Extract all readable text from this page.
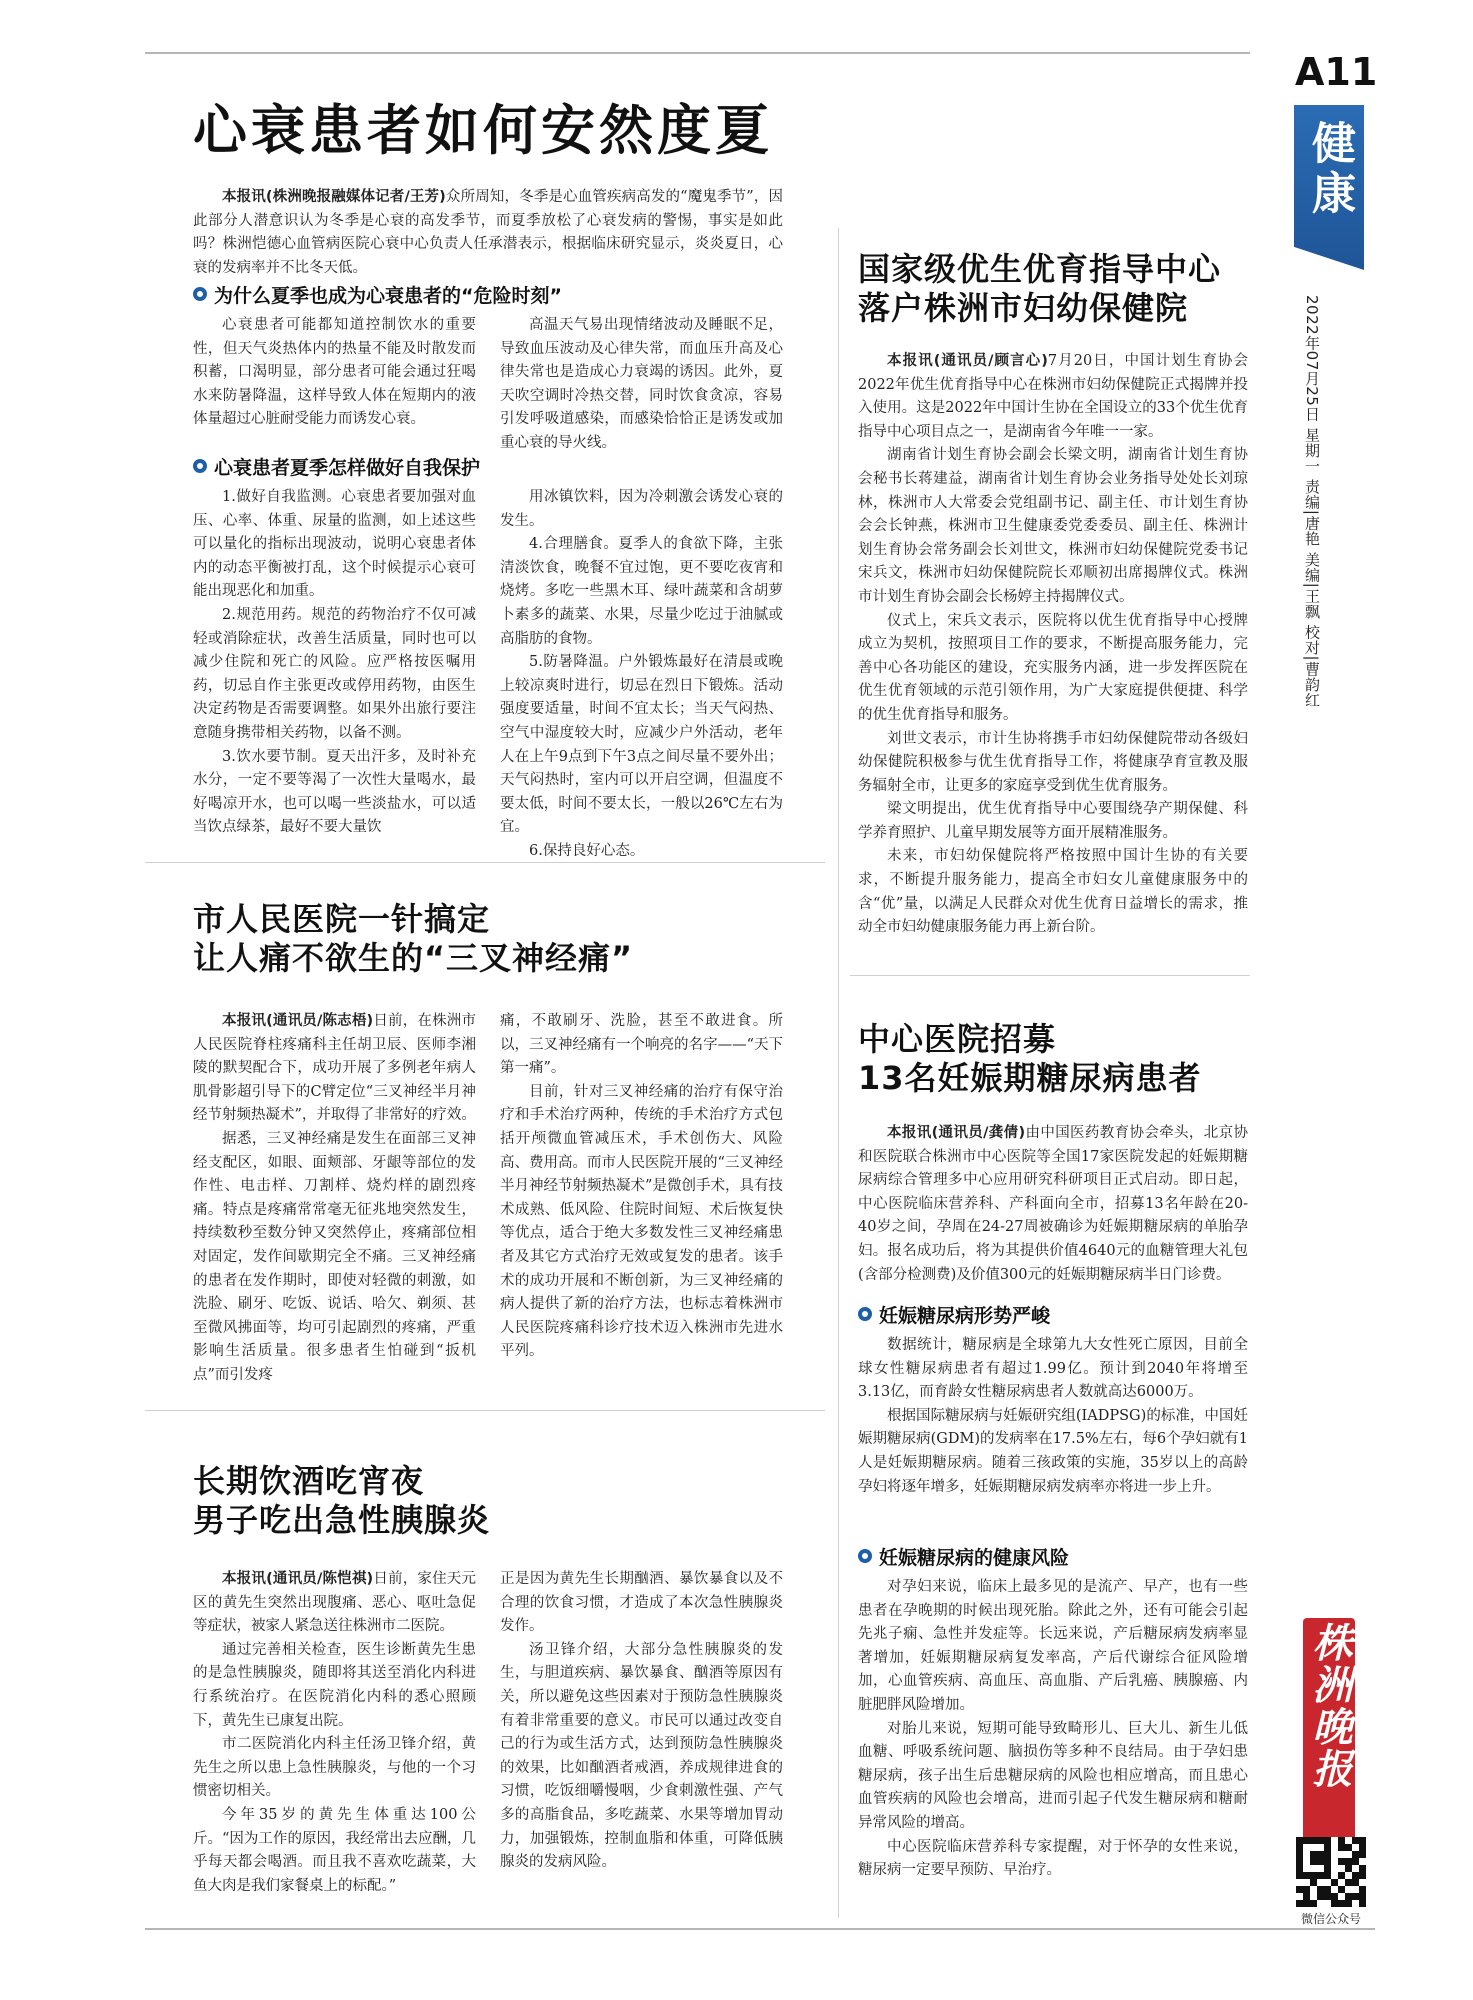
A11
健康
2022年07月25日 星期一 责编|唐艳 美编|王飘 校对|曹韵红
株洲晚报
微信公众号
心衰患者如何安然度夏

本报讯(株洲晚报融媒体记者/王芳)众所周知，冬季是心血管疾病高发的“魔鬼季节”，因此部分人潜意识认为冬季是心衰的高发季节，而夏季放松了心衰发病的警惕，事实是如此吗？株洲恺德心血管病医院心衰中心负责人任承潜表示，根据临床研究显示，炎炎夏日，心衰的发病率并不比冬天低。

为什么夏季也成为心衰患者的“危险时刻”

心衰患者可能都知道控制饮水的重要性，但天气炎热体内的热量不能及时散发而积蓄，口渴明显，部分患者可能会通过狂喝水来防暑降温，这样导致人体在短期内的液体量超过心脏耐受能力而诱发心衰。

高温天气易出现情绪波动及睡眠不足，导致血压波动及心律失常，而血压升高及心律失常也是造成心力衰竭的诱因。此外，夏天吹空调时冷热交替，同时饮食贪凉，容易引发呼吸道感染，而感染恰恰正是诱发或加重心衰的导火线。

心衰患者夏季怎样做好自我保护

1.做好自我监测。心衰患者要加强对血压、心率、体重、尿量的监测，如上述这些可以量化的指标出现波动，说明心衰患者体内的动态平衡被打乱，这个时候提示心衰可能出现恶化和加重。

2.规范用药。规范的药物治疗不仅可减轻或消除症状，改善生活质量，同时也可以减少住院和死亡的风险。应严格按医嘱用药，切忌自作主张更改或停用药物，由医生决定药物是否需要调整。如果外出旅行要注意随身携带相关药物，以备不测。

3.饮水要节制。夏天出汗多，及时补充水分，一定不要等渴了一次性大量喝水，最好喝凉开水，也可以喝一些淡盐水，可以适当饮点绿茶，最好不要大量饮

用冰镇饮料，因为冷刺激会诱发心衰的发生。

4.合理膳食。夏季人的食欲下降，主张清淡饮食，晚餐不宜过饱，更不要吃夜宵和烧烤。多吃一些黑木耳、绿叶蔬菜和含胡萝卜素多的蔬菜、水果，尽量少吃过于油腻或高脂肪的食物。

5.防暑降温。户外锻炼最好在清晨或晚上较凉爽时进行，切忌在烈日下锻炼。活动强度要适量，时间不宜太长；当天气闷热、空气中湿度较大时，应减少户外活动，老年人在上午9点到下午3点之间尽量不要外出；天气闷热时，室内可以开启空调，但温度不要太低，时间不要太长，一般以26℃左右为宜。

6.保持良好心态。

市人民医院一针搞定
让人痛不欲生的“三叉神经痛”

本报讯(通讯员/陈志梧)日前，在株洲市人民医院脊柱疼痛科主任胡卫辰、医师李湘陵的默契配合下，成功开展了多例老年病人肌骨影超引导下的C臂定位“三叉神经半月神经节射频热凝术”，并取得了非常好的疗效。

据悉，三叉神经痛是发生在面部三叉神经支配区，如眼、面颊部、牙龈等部位的发作性、电击样、刀割样、烧灼样的剧烈疼痛。特点是疼痛常常毫无征兆地突然发生，持续数秒至数分钟又突然停止，疼痛部位相对固定，发作间歇期完全不痛。三叉神经痛的患者在发作期时，即使对轻微的刺激，如洗脸、刷牙、吃饭、说话、哈欠、剃须、甚至微风拂面等，均可引起剧烈的疼痛，严重影响生活质量。很多患者生怕碰到“扳机点”而引发疼

痛，不敢刷牙、洗脸，甚至不敢进食。所以，三叉神经痛有一个响亮的名字——“天下第一痛”。

目前，针对三叉神经痛的治疗有保守治疗和手术治疗两种，传统的手术治疗方式包括开颅微血管减压术，手术创伤大、风险高、费用高。而市人民医院开展的“三叉神经半月神经节射频热凝术”是微创手术，具有技术成熟、低风险、住院时间短、术后恢复快等优点，适合于绝大多数发性三叉神经痛患者及其它方式治疗无效或复发的患者。该手术的成功开展和不断创新，为三叉神经痛的病人提供了新的治疗方法，也标志着株洲市人民医院疼痛科诊疗技术迈入株洲市先进水平列。

长期饮酒吃宵夜
男子吃出急性胰腺炎

本报讯(通讯员/陈恺祺)日前，家住天元区的黄先生突然出现腹痛、恶心、呕吐急促等症状，被家人紧急送往株洲市二医院。

通过完善相关检查，医生诊断黄先生患的是急性胰腺炎，随即将其送至消化内科进行系统治疗。在医院消化内科的悉心照顾下，黄先生已康复出院。

市二医院消化内科主任汤卫锋介绍，黄先生之所以患上急性胰腺炎，与他的一个习惯密切相关。

今年35岁的黄先生体重达100公斤。“因为工作的原因，我经常出去应酬，几乎每天都会喝酒。而且我不喜欢吃蔬菜，大鱼大肉是我们家餐桌上的标配。”

正是因为黄先生长期酗酒、暴饮暴食以及不合理的饮食习惯，才造成了本次急性胰腺炎发作。

汤卫锋介绍，大部分急性胰腺炎的发生，与胆道疾病、暴饮暴食、酗酒等原因有关，所以避免这些因素对于预防急性胰腺炎有着非常重要的意义。市民可以通过改变自己的行为或生活方式，达到预防急性胰腺炎的效果，比如酗酒者戒酒，养成规律进食的习惯，吃饭细嚼慢咽，少食刺激性强、产气多的高脂食品，多吃蔬菜、水果等增加胃动力，加强锻炼，控制血脂和体重，可降低胰腺炎的发病风险。

国家级优生优育指导中心
落户株洲市妇幼保健院

本报讯(通讯员/顾言心)7月20日，中国计划生育协会2022年优生优育指导中心在株洲市妇幼保健院正式揭牌并投入使用。这是2022年中国计生协在全国设立的33个优生优育指导中心项目点之一，是湖南省今年唯一一家。

湖南省计划生育协会副会长梁文明，湖南省计划生育协会秘书长蒋建益，湖南省计划生育协会业务指导处处长刘琼林，株洲市人大常委会党组副书记、副主任、市计划生育协会会长钟燕，株洲市卫生健康委党委委员、副主任、株洲计划生育协会常务副会长刘世文，株洲市妇幼保健院党委书记宋兵文，株洲市妇幼保健院院长邓顺初出席揭牌仪式。株洲市计划生育协会副会长杨婷主持揭牌仪式。

仪式上，宋兵文表示，医院将以优生优育指导中心授牌成立为契机，按照项目工作的要求，不断提高服务能力，完善中心各功能区的建设，充实服务内涵，进一步发挥医院在优生优育领域的示范引领作用，为广大家庭提供便捷、科学的优生优育指导和服务。

刘世文表示，市计生协将携手市妇幼保健院带动各级妇幼保健院积极参与优生优育指导工作，将健康孕育宣教及服务辐射全市，让更多的家庭享受到优生优育服务。

梁文明提出，优生优育指导中心要围绕孕产期保健、科学养育照护、儿童早期发展等方面开展精准服务。

未来，市妇幼保健院将严格按照中国计生协的有关要求，不断提升服务能力，提高全市妇女儿童健康服务中的含“优”量，以满足人民群众对优生优育日益增长的需求，推动全市妇幼健康服务能力再上新台阶。

中心医院招募
13名妊娠期糖尿病患者

本报讯(通讯员/龚倩)由中国医药教育协会牵头，北京协和医院联合株洲市中心医院等全国17家医院发起的妊娠期糖尿病综合管理多中心应用研究科研项目正式启动。即日起，中心医院临床营养科、产科面向全市，招募13名年龄在20-40岁之间，孕周在24-27周被确诊为妊娠期糖尿病的单胎孕妇。报名成功后，将为其提供价值4640元的血糖管理大礼包(含部分检测费)及价值300元的妊娠期糖尿病半日门诊费。

妊娠糖尿病形势严峻

数据统计，糖尿病是全球第九大女性死亡原因，目前全球女性糖尿病患者有超过1.99亿。预计到2040年将增至3.13亿，而育龄女性糖尿病患者人数就高达6000万。

根据国际糖尿病与妊娠研究组(IADPSG)的标准，中国妊娠期糖尿病(GDM)的发病率在17.5%左右，每6个孕妇就有1人是妊娠期糖尿病。随着三孩政策的实施，35岁以上的高龄孕妇将逐年增多，妊娠期糖尿病发病率亦将进一步上升。

妊娠糖尿病的健康风险

对孕妇来说，临床上最多见的是流产、早产，也有一些患者在孕晚期的时候出现死胎。除此之外，还有可能会引起先兆子痫、急性并发症等。长远来说，产后糖尿病发病率显著增加，妊娠期糖尿病复发率高，产后代谢综合征风险增加，心血管疾病、高血压、高血脂、产后乳癌、胰腺癌、内脏肥胖风险增加。

对胎儿来说，短期可能导致畸形儿、巨大儿、新生儿低血糖、呼吸系统问题、脑损伤等多种不良结局。由于孕妇患糖尿病，孩子出生后患糖尿病的风险也相应增高，而且患心血管疾病的风险也会增高，进而引起子代发生糖尿病和糖耐异常风险的增高。

中心医院临床营养科专家提醒，对于怀孕的女性来说，糖尿病一定要早预防、早治疗。
